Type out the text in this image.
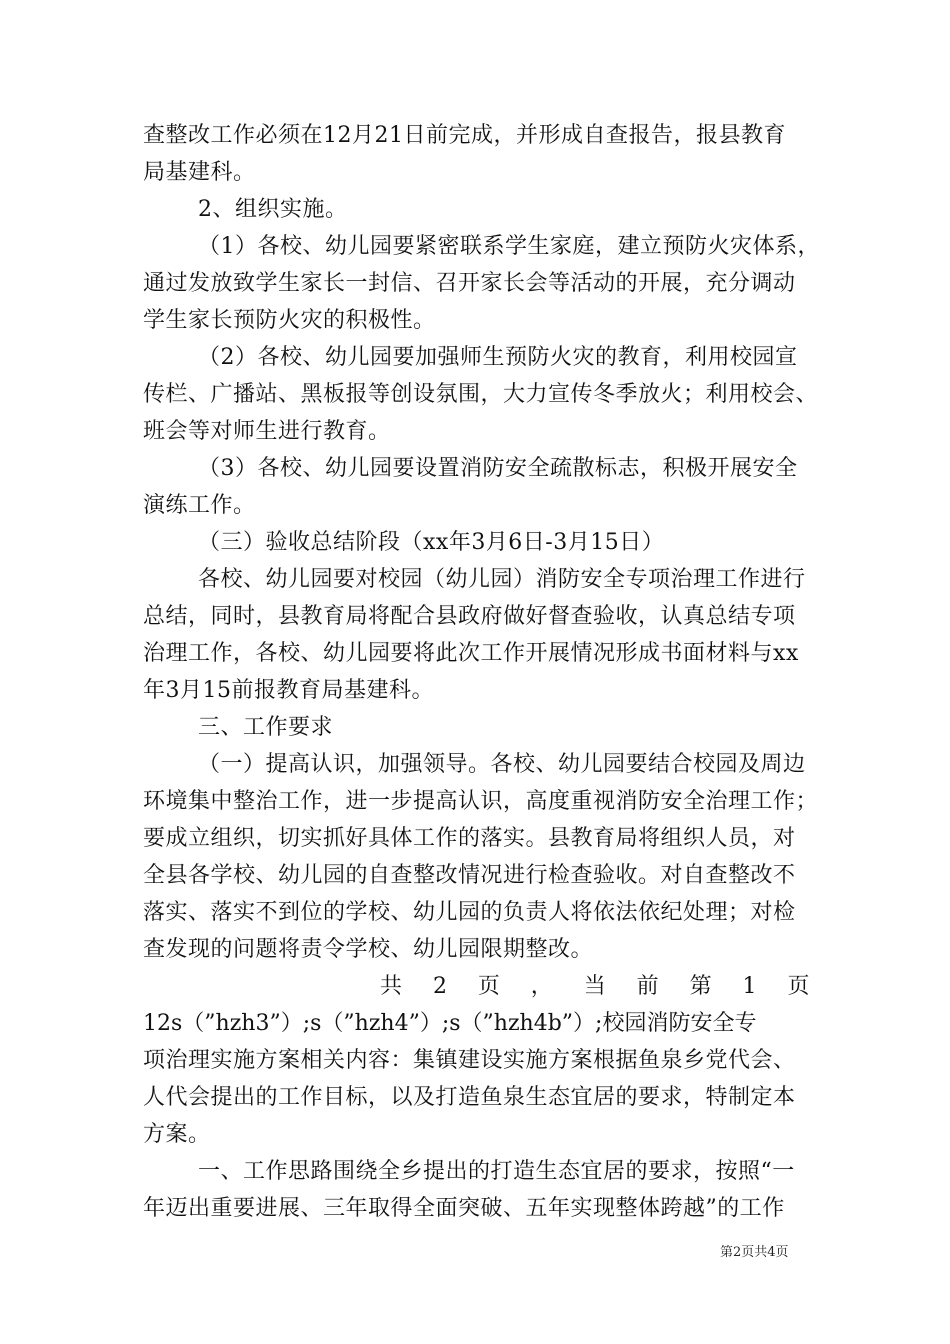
查整改工作必须在12月21日前完成，并形成自查报告，报县教育
局基建科。
2、组织实施。
（1）各校、幼儿园要紧密联系学生家庭，建立预防火灾体系，
通过发放致学生家长一封信、召开家长会等活动的开展，充分调动
学生家长预防火灾的积极性。
（2）各校、幼儿园要加强师生预防火灾的教育，利用校园宣
传栏、广播站、黑板报等创设氛围，大力宣传冬季放火；利用校会、
班会等对师生进行教育。
（3）各校、幼儿园要设置消防安全疏散标志，积极开展安全
演练工作。
（三）验收总结阶段（xx年3月6日-3月15日）
各校、幼儿园要对校园（幼儿园）消防安全专项治理工作进行
总结，同时，县教育局将配合县政府做好督查验收，认真总结专项
治理工作，各校、幼儿园要将此次工作开展情况形成书面材料与xx
年3月15前报教育局基建科。
三、工作要求
（一）提高认识，加强领导。各校、幼儿园要结合校园及周边
环境集中整治工作，进一步提高认识，高度重视消防安全治理工作；
要成立组织，切实抓好具体工作的落实。县教育局将组织人员，对
全县各学校、幼儿园的自查整改情况进行检查验收。对自查整改不
落实、落实不到位的学校、幼儿园的负责人将依法依纪处理；对检
查发现的问题将责令学校、幼儿园限期整改。
共 2 页 ， 当 前 第 1 页
12s（”hzh3”）;s（”hzh4”）;s（”hzh4b”）;校园消防安全专
项治理实施方案相关内容：集镇建设实施方案根据鱼泉乡党代会、
人代会提出的工作目标，以及打造鱼泉生态宜居的要求，特制定本
方案。
一、工作思路围绕全乡提出的打造生态宜居的要求，按照“一
年迈出重要进展、三年取得全面突破、五年实现整体跨越”的工作
第2页共4页
